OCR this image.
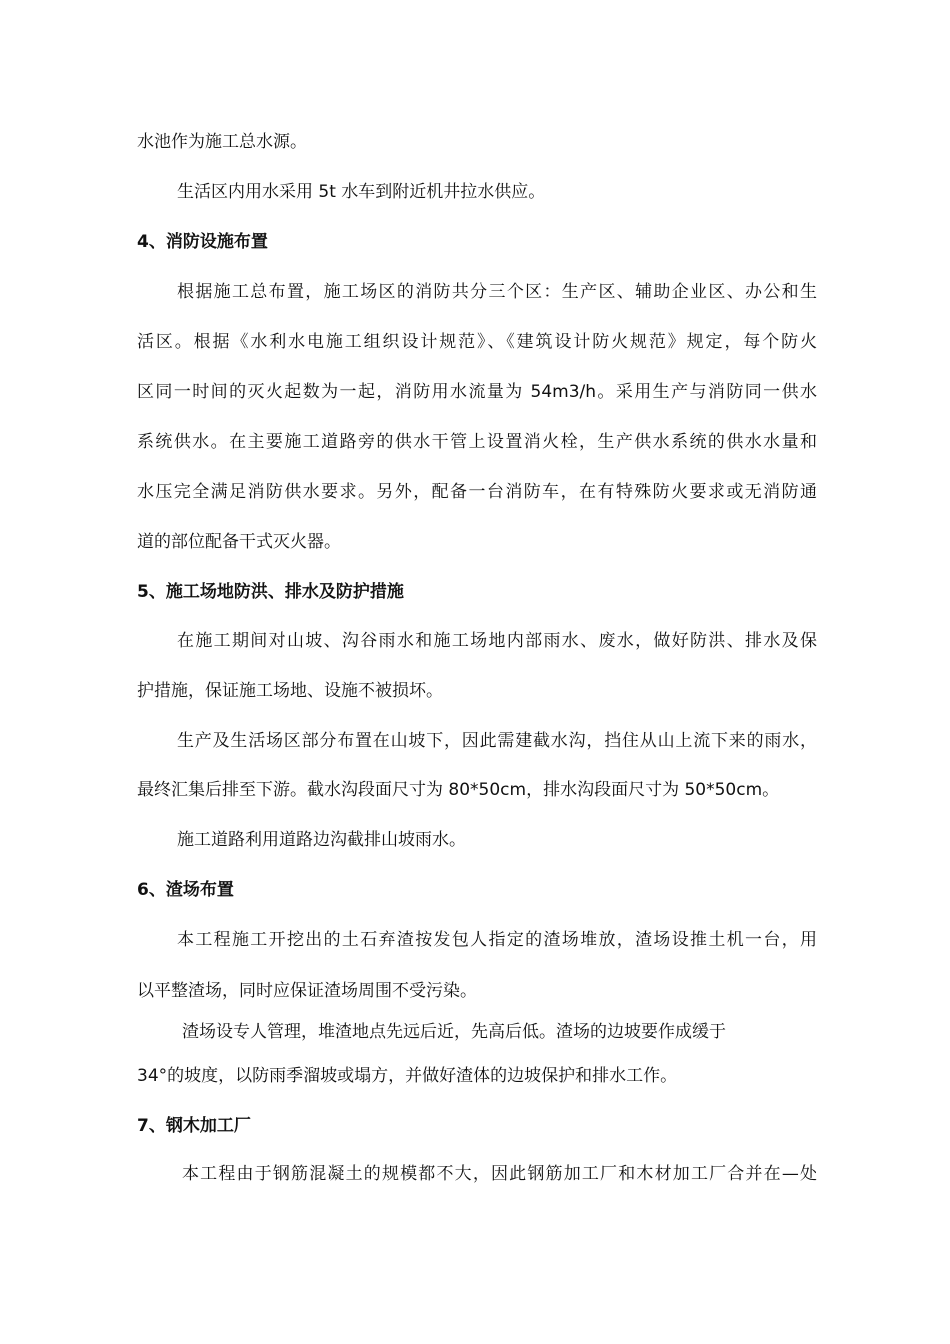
水池作为施工总水源。
生活区内用水采用 5t 水车到附近机井拉水供应。
4、消防设施布置
根据施工总布置，施工场区的消防共分三个区：生产区、辅助企业区、办公和生
活区。根据《水利水电施工组织设计规范》、《建筑设计防火规范》规定，每个防火
区同一时间的灭火起数为一起，消防用水流量为 54m3/h。采用生产与消防同一供水
系统供水。在主要施工道路旁的供水干管上设置消火栓，生产供水系统的供水水量和
水压完全满足消防供水要求。另外，配备一台消防车，在有特殊防火要求或无消防通
道的部位配备干式灭火器。
5、施工场地防洪、排水及防护措施
在施工期间对山坡、沟谷雨水和施工场地内部雨水、废水，做好防洪、排水及保
护措施，保证施工场地、设施不被损坏。
生产及生活场区部分布置在山坡下，因此需建截水沟，挡住从山上流下来的雨水，
最终汇集后排至下游。截水沟段面尺寸为 80*50cm，排水沟段面尺寸为 50*50cm。
施工道路利用道路边沟截排山坡雨水。
6、渣场布置
本工程施工开挖出的土石弃渣按发包人指定的渣场堆放，渣场设推土机一台，用
以平整渣场，同时应保证渣场周围不受污染。
渣场设专人管理，堆渣地点先远后近，先高后低。渣场的边坡要作成缓于
34°的坡度，以防雨季溜坡或塌方，并做好渣体的边坡保护和排水工作。
7、钢木加工厂
本工程由于钢筋混凝土的规模都不大，因此钢筋加工厂和木材加工厂合并在—处
